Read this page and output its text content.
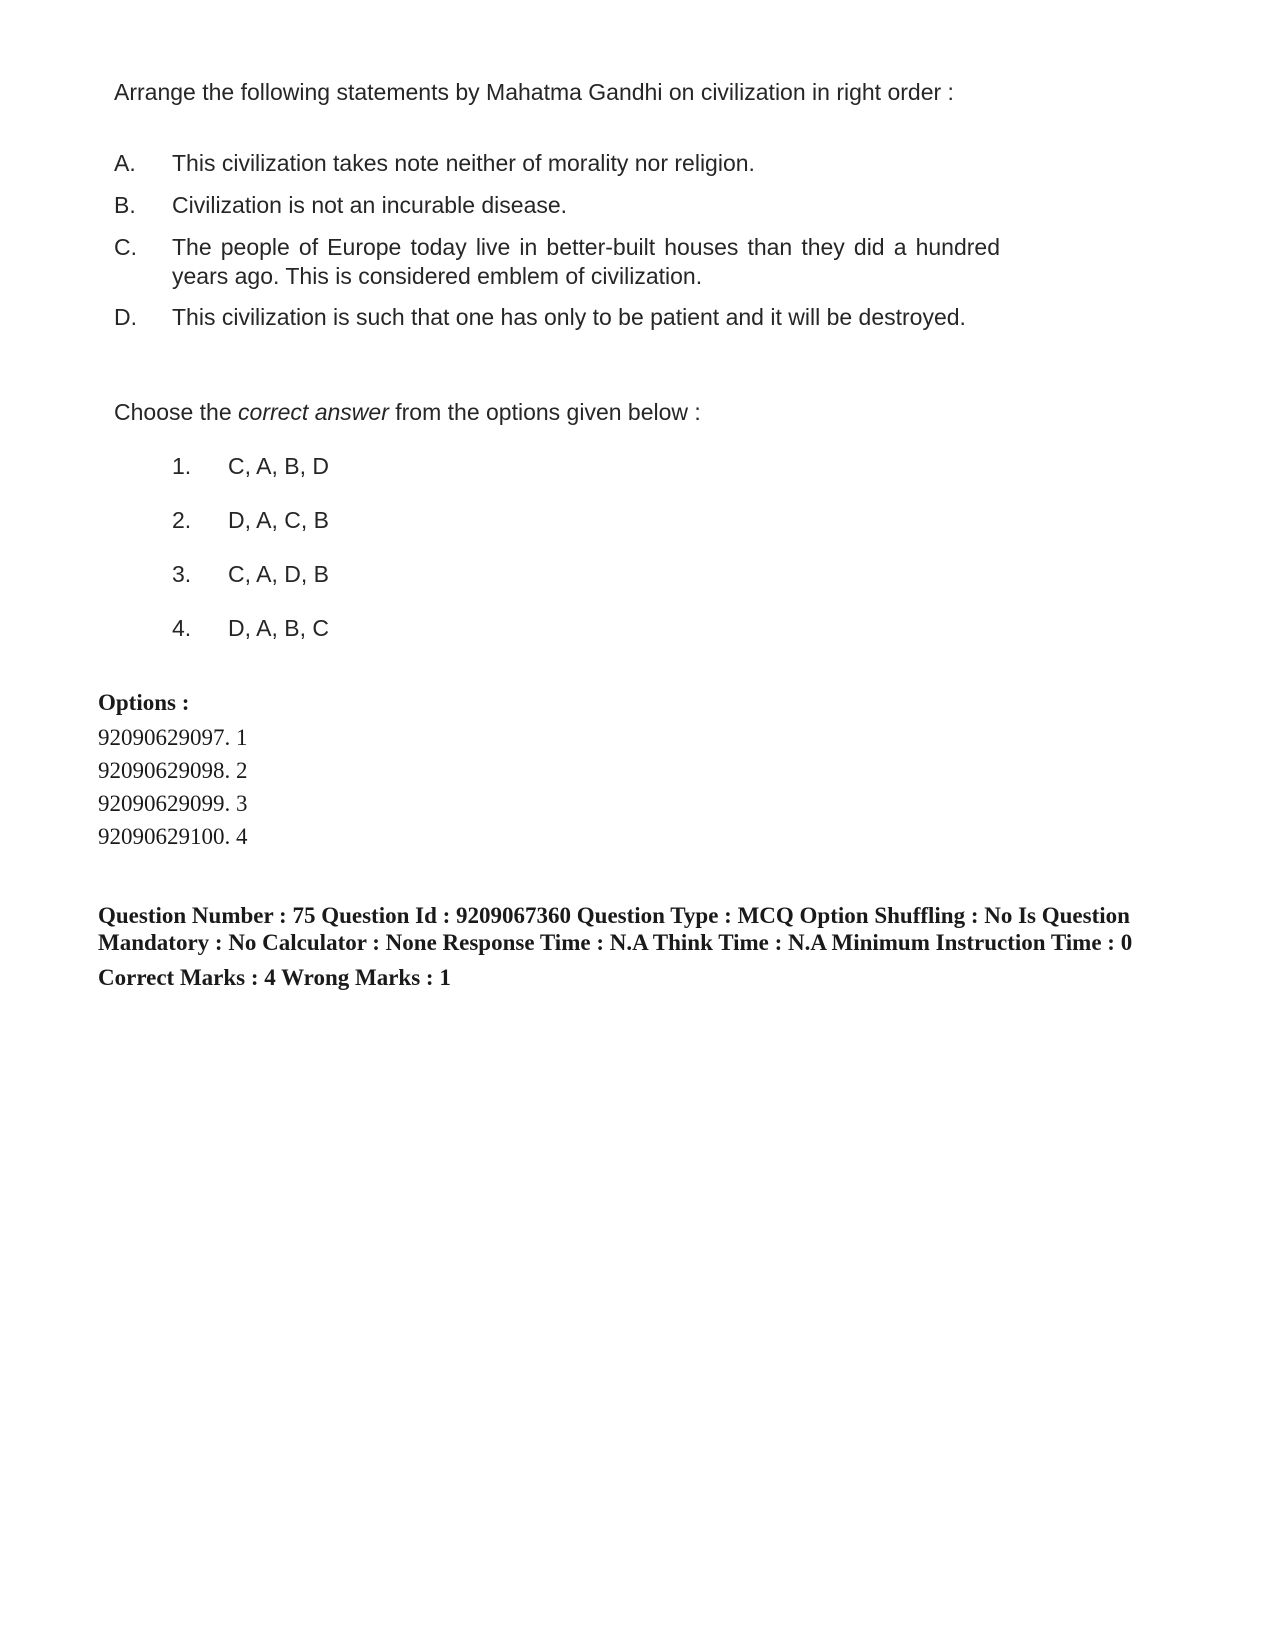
Arrange the following statements by Mahatma Gandhi on civilization in right order :
A.	This civilization takes note neither of morality nor religion.
B.	Civilization is not an incurable disease.
C.	The people of Europe today live in better-built houses than they did a hundred years ago. This is considered emblem of civilization.
D.	This civilization is such that one has only to be patient and it will be destroyed.
Choose the correct answer from the options given below :
1. C, A, B, D
2. D, A, C, B
3. C, A, D, B
4. D, A, B, C
Options :
92090629097. 1
92090629098. 2
92090629099. 3
92090629100. 4
Question Number : 75 Question Id : 9209067360 Question Type : MCQ Option Shuffling : No Is Question Mandatory : No Calculator : None Response Time : N.A Think Time : N.A Minimum Instruction Time : 0
Correct Marks : 4 Wrong Marks : 1
